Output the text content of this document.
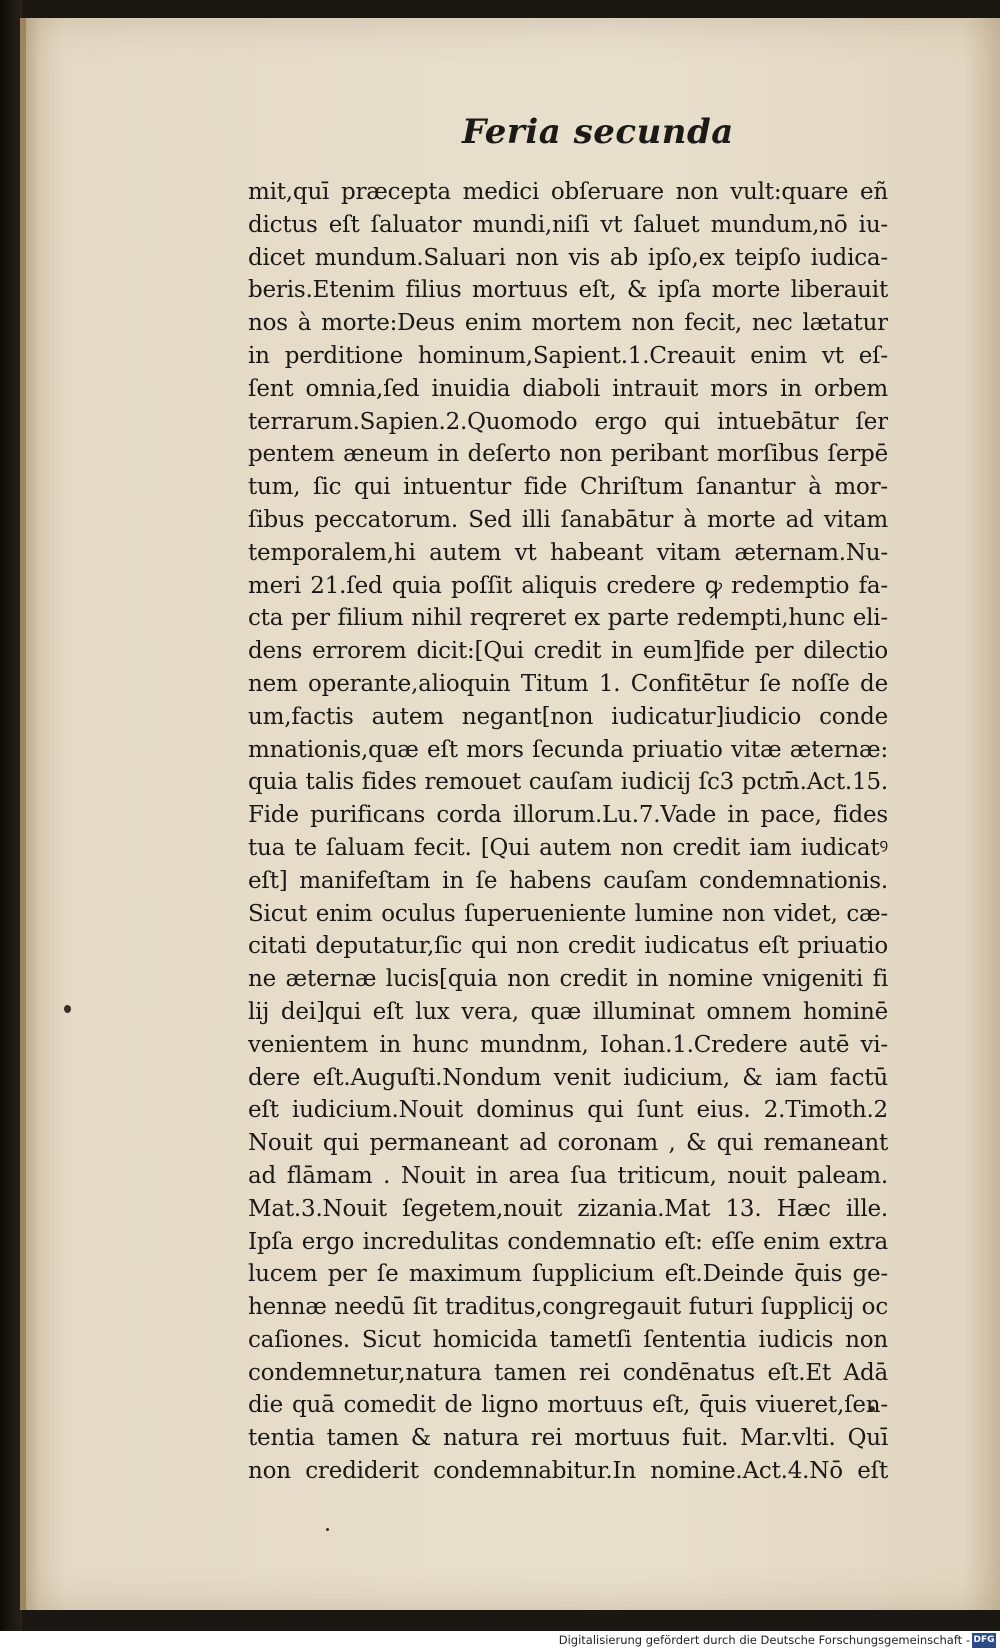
Feria secunda
mit,quī præcepta medici obſeruare non vult:quare eñ
dictus eſt ſaluator mundi,niſi vt ſaluet mundum,nō iu-
dicet mundum.Saluari non vis ab ipſo,ex teipſo iudica-
beris.Etenim filius mortuus eſt, & ipſa morte liberauit
nos à morte:Deus enim mortem non fecit, nec lætatur
in perditione hominum,Sapient.1.Creauit enim vt eſ-
ſent omnia,ſed inuidia diaboli intrauit mors in orbem
terrarum.Sapien.2.Quomodo ergo qui intuebātur ſer
pentem æneum in deſerto non peribant morſibus ſerpē
tum, ſic qui intuentur fide Chriſtum ſanantur à mor-
ſibus peccatorum. Sed illi ſanabātur à morte ad vitam
temporalem,hi autem vt habeant vitam æternam.Nu-
meri 21.ſed quia poſſit aliquis credere ꝙ redemptio fa-
cta per filium nihil reqreret ex parte redempti,hunc eli-
dens errorem dicit:[Qui credit in eum]fide per dilectio
nem operante,alioquin Titum 1. Confitētur ſe noſſe de
um,factis autem negant[non iudicatur]iudicio conde
mnationis,quæ eſt mors ſecunda priuatio vitæ æternæ:
quia talis fides remouet cauſam iudicij ſc3 pctm̄.Act.15.
Fide purificans corda illorum.Lu.7.Vade in pace, fides
tua te ſaluam fecit. [Qui autem non credit iam iudicatꝰ
eſt] manifeſtam in ſe habens cauſam condemnationis.
Sicut enim oculus ſuperueniente lumine non videt, cæ-
citati deputatur,ſic qui non credit iudicatus eſt priuatio
ne æternæ lucis[quia non credit in nomine vnigeniti fi
lij dei]qui eſt lux vera, quæ illuminat omnem hominē
venientem in hunc mundnm, Iohan.1.Credere autē vi-
dere eſt.Auguſti.Nondum venit iudicium, & iam factū
eſt iudicium.Nouit dominus qui ſunt eius. 2.Timoth.2
Nouit qui permaneant ad coronam , & qui remaneant
ad flāmam . Nouit in area ſua triticum, nouit paleam.
Mat.3.Nouit ſegetem,nouit zizania.Mat 13. Hæc ille.
Ipſa ergo incredulitas condemnatio eſt: eſſe enim extra
lucem per ſe maximum ſupplicium eſt.Deinde q̄uis ge-
hennæ needū ſit traditus,congregauit futuri ſupplicij oc
caſiones. Sicut homicida tametſi ſententia iudicis non
condemnetur,natura tamen rei condēnatus eſt.Et Adā
die quā comedit de ligno mortuus eſt, q̄uis viueret,ſen-
tentia tamen & natura rei mortuus fuit. Mar.vlti. Quī
non crediderit condemnabitur.In nomine.Act.4.Nō eſt
Digitalisierung gefördert durch die Deutsche Forschungsgemeinschaft - DFG
